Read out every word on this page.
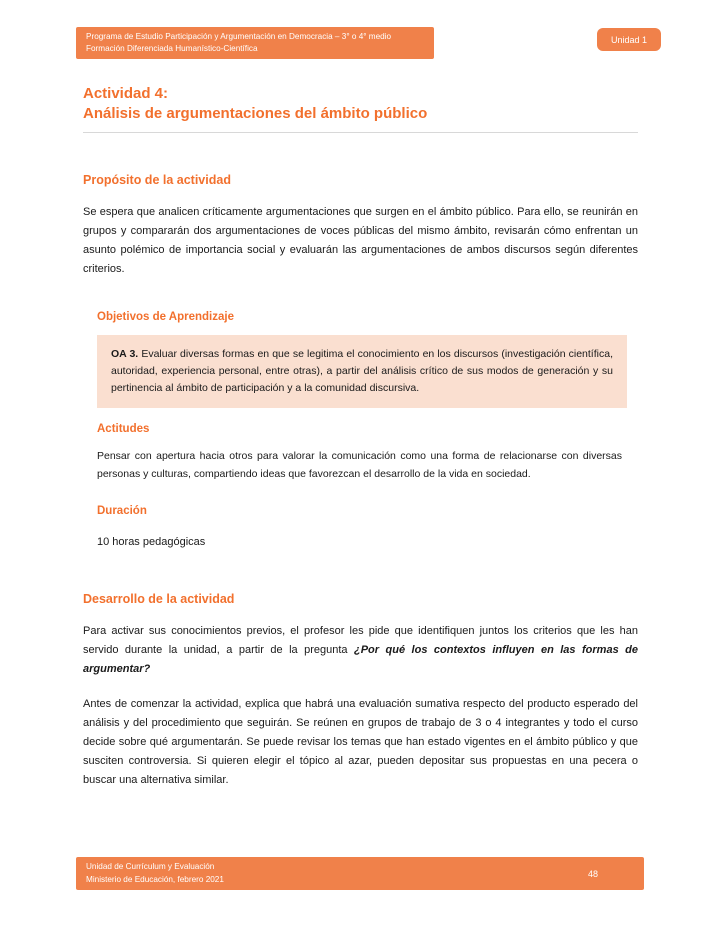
Programa de Estudio Participación y Argumentación en Democracia – 3° o 4° medio
Formación Diferenciada Humanístico-Científica
Unidad 1
Actividad 4:
Análisis de argumentaciones del ámbito público
Propósito de la actividad

Se espera que analicen críticamente argumentaciones que surgen en el ámbito público. Para ello, se reunirán en grupos y compararán dos argumentaciones de voces públicas del mismo ámbito, revisarán cómo enfrentan un asunto polémico de importancia social y evaluarán las argumentaciones de ambos discursos según diferentes criterios.

Objetivos de Aprendizaje

OA 3. Evaluar diversas formas en que se legitima el conocimiento en los discursos (investigación científica, autoridad, experiencia personal, entre otras), a partir del análisis crítico de sus modos de generación y su pertinencia al ámbito de participación y a la comunidad discursiva.

Actitudes

Pensar con apertura hacia otros para valorar la comunicación como una forma de relacionarse con diversas personas y culturas, compartiendo ideas que favorezcan el desarrollo de la vida en sociedad.

Duración

10 horas pedagógicas

Desarrollo de la actividad

Para activar sus conocimientos previos, el profesor les pide que identifiquen juntos los criterios que les han servido durante la unidad, a partir de la pregunta ¿Por qué los contextos influyen en las formas de argumentar?

Antes de comenzar la actividad, explica que habrá una evaluación sumativa respecto del producto esperado del análisis y del procedimiento que seguirán. Se reúnen en grupos de trabajo de 3 o 4 integrantes y todo el curso decide sobre qué argumentarán. Se puede revisar los temas que han estado vigentes en el ámbito público y que susciten controversia. Si quieren elegir el tópico al azar, pueden depositar sus propuestas en una pecera o buscar una alternativa similar.

Unidad de Currículum y Evaluación
Ministerio de Educación, febrero 2021
48
